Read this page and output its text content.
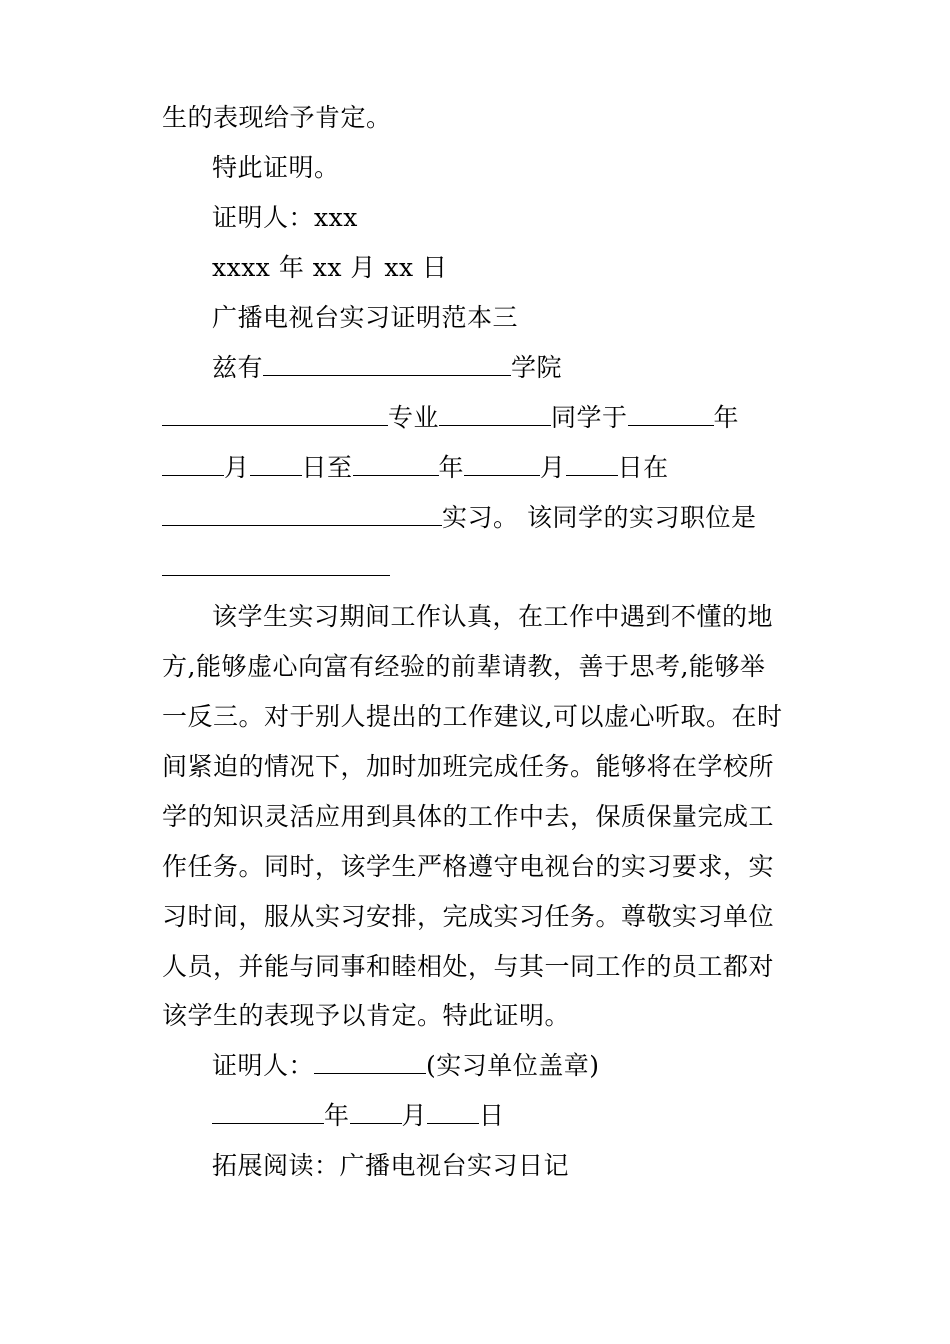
生的表现给予肯定。
特此证明。
证明人：xxx
xxxx 年 xx 月 xx 日
广播电视台实习证明范本三
兹有	学院
专业	同学于	年
月 日至	年	月 日在
实习。 该同学的实习职位是
该学生实习期间工作认真，在工作中遇到不懂的地
方,能够虚心向富有经验的前辈请教，善于思考,能够举
一反三。对于别人提出的工作建议,可以虚心听取。在时
间紧迫的情况下，加时加班完成任务。能够将在学校所
学的知识灵活应用到具体的工作中去，保质保量完成工
作任务。同时，该学生严格遵守电视台的实习要求，实
习时间，服从实习安排，完成实习任务。尊敬实习单位
人员，并能与同事和睦相处，与其一同工作的员工都对
该学生的表现予以肯定。特此证明。
证明人：	(实习单位盖章)
年 月 日
拓展阅读：广播电视台实习日记
